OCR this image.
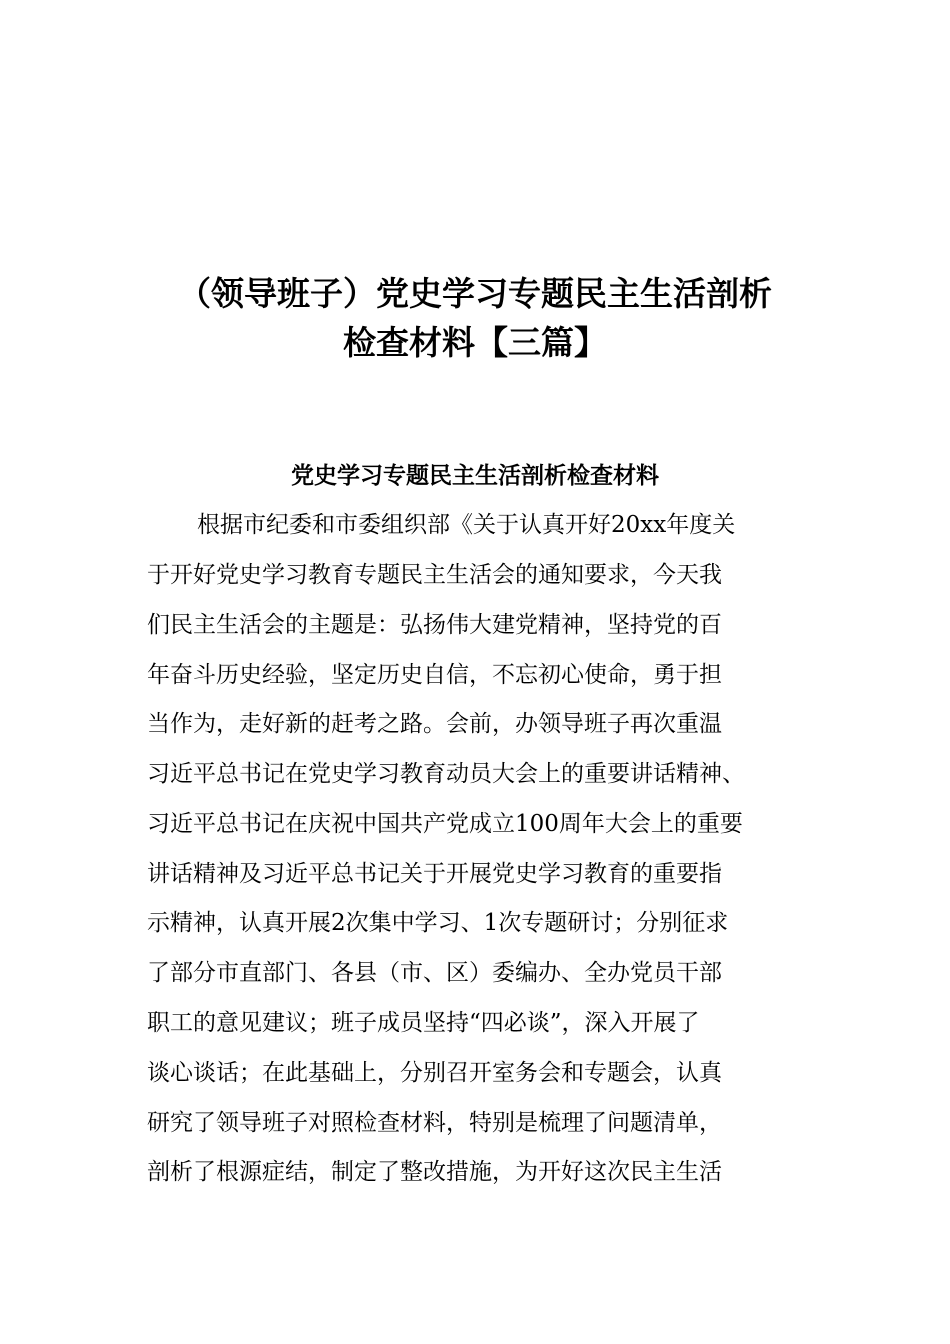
（领导班子）党史学习专题民主生活剖析
检查材料【三篇】
党史学习专题民主生活剖析检查材料

根据市纪委和市委组织部《关于认真开好20xx年度关

于开好党史学习教育专题民主生活会的通知要求，今天我

们民主生活会的主题是：弘扬伟大建党精神，坚持党的百

年奋斗历史经验，坚定历史自信，不忘初心使命，勇于担

当作为，走好新的赶考之路。会前，办领导班子再次重温

习近平总书记在党史学习教育动员大会上的重要讲话精神、

习近平总书记在庆祝中国共产党成立100周年大会上的重要

讲话精神及习近平总书记关于开展党史学习教育的重要指

示精神，认真开展2次集中学习、1次专题研讨；分别征求

了部分市直部门、各县（市、区）委编办、全办党员干部

职工的意见建议；班子成员坚持“四必谈”，深入开展了

谈心谈话；在此基础上，分别召开室务会和专题会，认真

研究了领导班子对照检查材料，特别是梳理了问题清单，

剖析了根源症结，制定了整改措施，为开好这次民主生活
